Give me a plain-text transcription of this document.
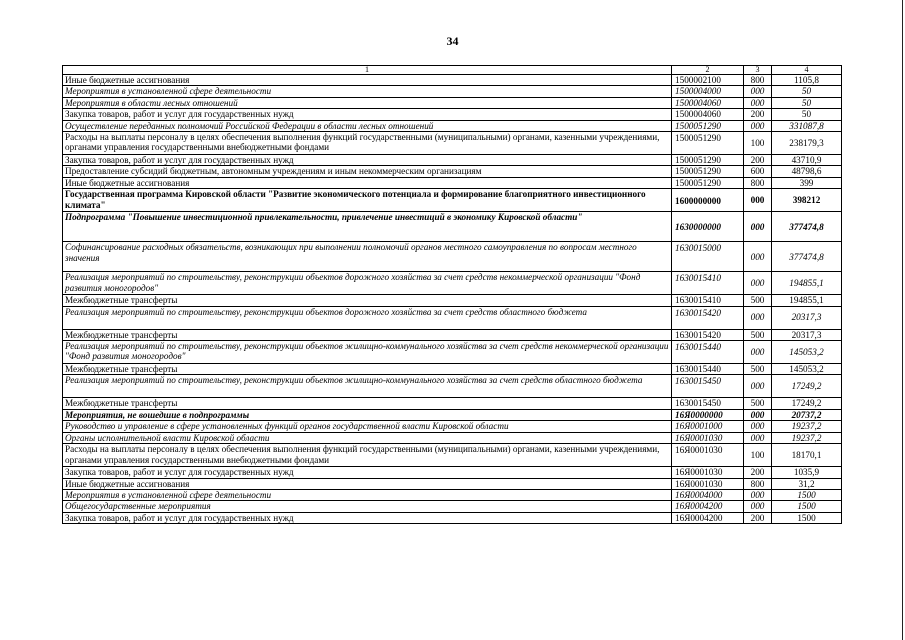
34
1	2	3	4
Иные бюджетные ассигнования	1500002100	800	1105,8
Мероприятия в установленной сфере деятельности	1500004000	000	50
Мероприятия в области лесных отношений	1500004060	000	50
Закупка товаров, работ и услуг для государственных нужд	1500004060	200	50
Осуществление переданных полномочий Российской Федерации в области лесных отношений	1500051290	000	331087,8
Расходы на выплаты персоналу в целях обеспечения выполнения функций государственными (муниципальными) органами, казенными учреждениями, органами управления государственными внебюджетными фондами	1500051290	100	238179,3
Закупка товаров, работ и услуг для государственных нужд	1500051290	200	43710,9
Предоставление субсидий бюджетным, автономным учреждениям и иным некоммерческим организациям	1500051290	600	48798,6
Иные бюджетные ассигнования	1500051290	800	399
Государственная программа Кировской области "Развитие экономического потенциала и формирование благоприятного инвестиционного климата"	1600000000	000	398212
Подпрограмма "Повышение инвестиционной привлекательности, привлечение инвестиций в экономику Кировской области"	1630000000	000	377474,8
Софинансирование расходных обязательств, возникающих при выполнении полномочий органов местного самоуправления по вопросам местного значения	1630015000	000	377474,8
Реализация мероприятий по строительству, реконструкции объектов дорожного хозяйства за счет средств некоммерческой организации "Фонд развития моногородов"	1630015410	000	194855,1
Межбюджетные трансферты	1630015410	500	194855,1
Реализация мероприятий по строительству, реконструкции объектов дорожного хозяйства за счет средств областного бюджета	1630015420	000	20317,3
Межбюджетные трансферты	1630015420	500	20317,3
Реализация мероприятий по строительству, реконструкции объектов жилищно-коммунального хозяйства за счет средств некоммерческой организации "Фонд развития моногородов"	1630015440	000	145053,2
Межбюджетные трансферты	1630015440	500	145053,2
Реализация мероприятий по строительству, реконструкции объектов жилищно-коммунального хозяйства за счет средств областного бюджета	1630015450	000	17249,2
Межбюджетные трансферты	1630015450	500	17249,2
Мероприятия, не вошедшие в подпрограммы	16Я0000000	000	20737,2
Руководство и управление в сфере установленных функций органов государственной власти Кировской области	16Я0001000	000	19237,2
Органы исполнительной власти Кировской области	16Я0001030	000	19237,2
Расходы на выплаты персоналу в целях обеспечения выполнения функций государственными (муниципальными) органами, казенными учреждениями, органами управления государственными внебюджетными фондами	16Я0001030	100	18170,1
Закупка товаров, работ и услуг для государственных нужд	16Я0001030	200	1035,9
Иные бюджетные ассигнования	16Я0001030	800	31,2
Мероприятия в установленной сфере деятельности	16Я0004000	000	1500
Общегосударственные мероприятия	16Я0004200	000	1500
Закупка товаров, работ и услуг для государственных нужд	16Я0004200	200	1500
